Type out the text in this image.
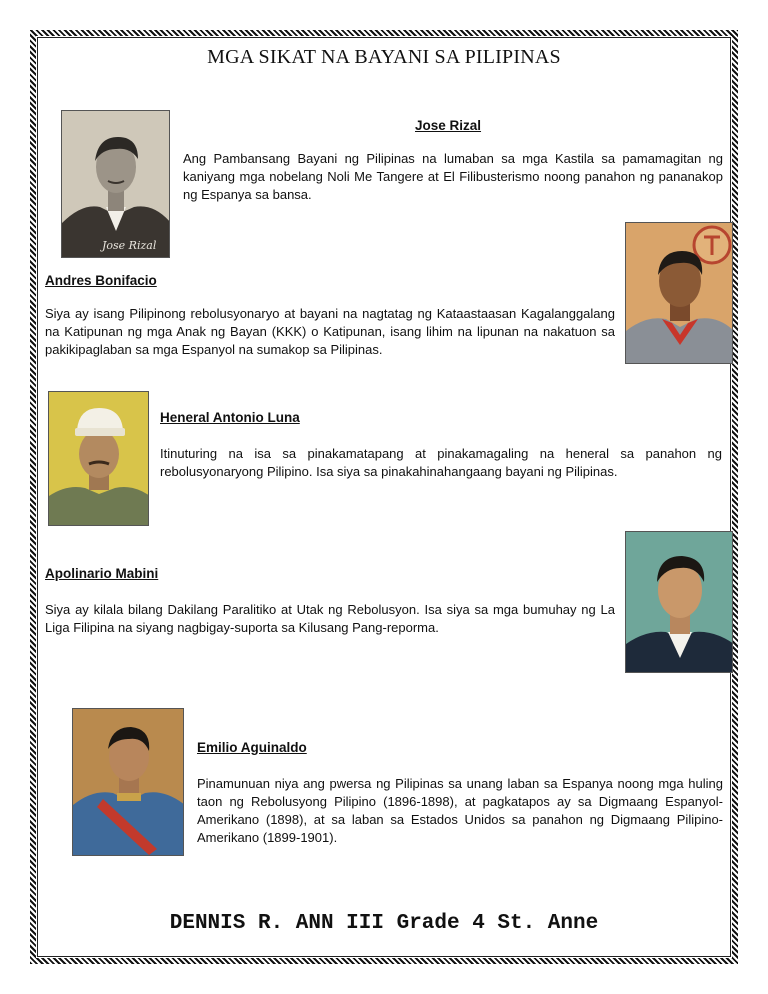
MGA SIKAT NA BAYANI SA PILIPINAS
Jose Rizal
Jose Rizal
Ang Pambansang Bayani ng Pilipinas na lumaban sa mga Kastila sa pamamagitan ng kaniyang mga nobelang Noli Me Tangere at El Filibusterismo noong panahon ng pananakop ng Espanya sa bansa.
Andres Bonifacio
Siya ay isang Pilipinong rebolusyonaryo at bayani na nagtatag ng Kataastaasan Kagalanggalang na Katipunan ng mga Anak ng Bayan (KKK) o Katipunan, isang lihim na lipunan na nakatuon sa pakikipaglaban sa mga Espanyol na sumakop sa Pilipinas.
Heneral Antonio Luna
Itinuturing na isa sa pinakamatapang at pinakamagaling na heneral sa panahon ng rebolusyonaryong Pilipino. Isa siya sa pinakahinahangaang bayani ng Pilipinas.
Apolinario Mabini
Siya ay kilala bilang Dakilang Paralitiko at Utak ng Rebolusyon. Isa siya sa mga bumuhay ng La Liga Filipina na siyang nagbigay-suporta sa Kilusang Pang-reporma.
Emilio Aguinaldo
Pinamunuan niya ang pwersa ng Pilipinas sa unang laban sa Espanya noong mga huling taon ng Rebolusyong Pilipino (1896-1898), at pagkatapos ay sa Digmaang Espanyol-Amerikano (1898), at sa laban sa Estados Unidos sa panahon ng Digmaang Pilipino-Amerikano (1899-1901).
DENNIS R. ANN III Grade 4 St. Anne
